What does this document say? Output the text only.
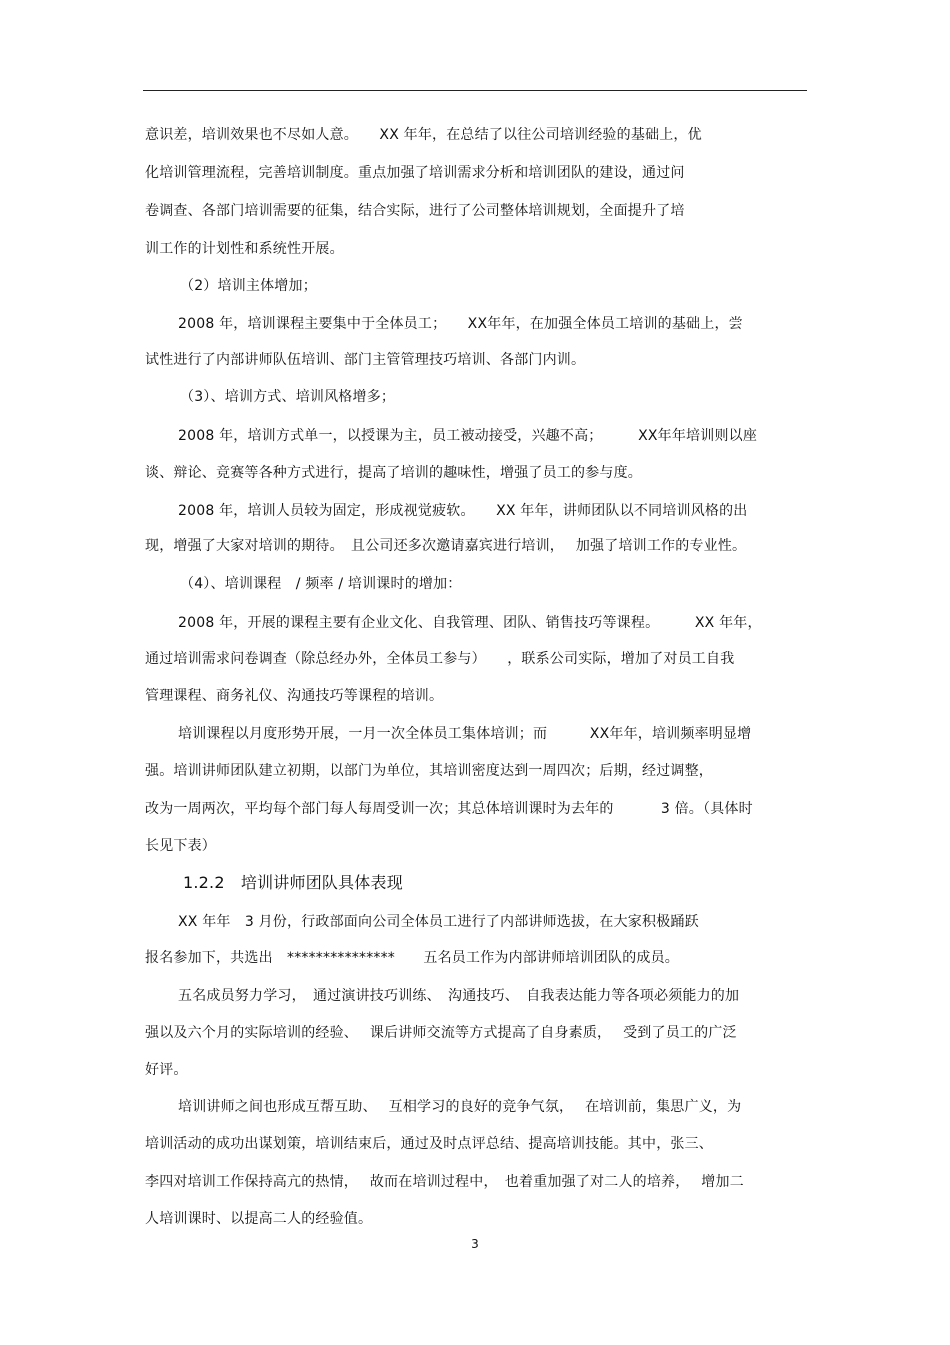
意识差，培训效果也不尽如人意。　　XX 年年，在总结了以往公司培训经验的基础上，优
化培训管理流程，完善培训制度。重点加强了培训需求分析和培训团队的建设，通过问
卷调查、各部门培训需要的征集，结合实际，进行了公司整体培训规划，全面提升了培
训工作的计划性和系统性开展。
（2）培训主体增加；
2008 年，培训课程主要集中于全体员工；　　XX年年，在加强全体员工培训的基础上，尝
试性进行了内部讲师队伍培训、部门主管管理技巧培训、各部门内训。
（3）、培训方式、培训风格增多；
2008 年，培训方式单一，以授课为主，员工被动接受，兴趣不高；　　　XX年年培训则以座
谈、辩论、竞赛等各种方式进行，提高了培训的趣味性，增强了员工的参与度。
2008 年，培训人员较为固定，形成视觉疲软。　　XX 年年，讲师团队以不同培训风格的出
现，增强了大家对培训的期待。　且公司还多次邀请嘉宾进行培训，　 加强了培训工作的专业性。
（4）、培训课程　/ 频率 / 培训课时的增加：
2008 年，开展的课程主要有企业文化、自我管理、团队、销售技巧等课程。　　　XX 年年，
通过培训需求问卷调查（除总经办外，全体员工参与）　　，联系公司实际，增加了对员工自我
管理课程、商务礼仪、沟通技巧等课程的培训。
培训课程以月度形势开展，一月一次全体员工集体培训；而　　　XX年年，培训频率明显增
强。培训讲师团队建立初期，以部门为单位，其培训密度达到一周四次；后期，经过调整，
改为一周两次，平均每个部门每人每周受训一次；其总体培训课时为去年的　　　 3 倍。（具体时
长见下表）
1.2.2　培训讲师团队具体表现
XX 年年　3 月份，行政部面向公司全体员工进行了内部讲师选拔，在大家积极踊跃
报名参加下，共选出　***************　　五名员工作为内部讲师培训团队的成员。
五名成员努力学习，　通过演讲技巧训练、　沟通技巧、　自我表达能力等各项必须能力的加
强以及六个月的实际培训的经验、　 课后讲师交流等方式提高了自身素质，　 受到了员工的广泛
好评。
培训讲师之间也形成互帮互助、　 互相学习的良好的竞争气氛，　 在培训前，集思广义，为
培训活动的成功出谋划策，培训结束后，通过及时点评总结、提高培训技能。其中，张三、
李四对培训工作保持高亢的热情，　 故而在培训过程中，　也着重加强了对二人的培养，　 增加二
人培训课时、以提高二人的经验值。
3
